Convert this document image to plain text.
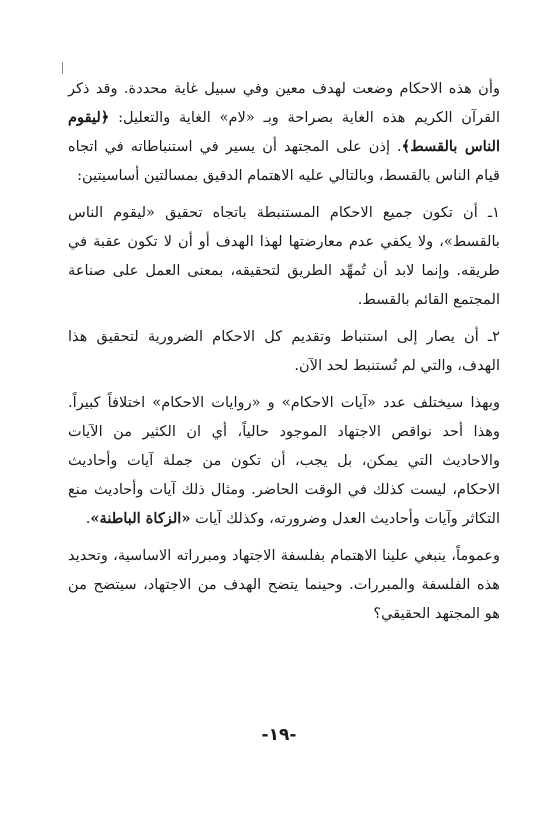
وأن هذه الاحكام وضعت لهدف معين وفي سبيل غاية محددة. وقد ذكر القرآن الكريم هذه الغاية بصراحة وبـ «لام» الغاية والتعليل: ﴿ليقوم الناس بالقسط﴾. إذن على المجتهد أن يسير في استنباطاته في اتجاه قيام الناس بالقسط، وبالتالي عليه الاهتمام الدقيق بمسالتين أساسيتين:

١ـ أن تكون جميع الاحكام المستنبطة باتجاه تحقيق «ليقوم الناس بالقسط»، ولا يكفي عدم معارضتها لهذا الهدف أو أن لا تكون عقبة في طريقه. وإنما لابد أن تُمهِّد الطريق لتحقيقه، بمعنى العمل على صناعة المجتمع القائم بالقسط.

٢ـ أن يصار إلى استنباط وتقديم كل الاحكام الضرورية لتحقيق هذا الهدف، والتي لم تُستنبط لحد الآن.

وبهذا سيختلف عدد «آيات الاحكام» و «روايات الاحكام» اختلافاً كبيراً. وهذا أحد نواقص الاجتهاد الموجود حالياً، أي ان الكثير من الآيات والاحاديث التي يمكن، بل يجب، أن تكون من جملة آيات وأحاديث الاحكام، ليست كذلك في الوقت الحاضر. ومثال ذلك آيات وأحاديث منع التكاثر وآيات وأحاديث العدل وضرورته، وكذلك آيات «الزكاة الباطنة».

وعموماً، ينبغي علينا الاهتمام بفلسفة الاجتهاد ومبرراته الاساسية، وتحديد هذه الفلسفة والمبررات. وحينما يتضح الهدف من الاجتهاد، سيتضح من هو المجتهد الحقيقي؟

-١٩-
